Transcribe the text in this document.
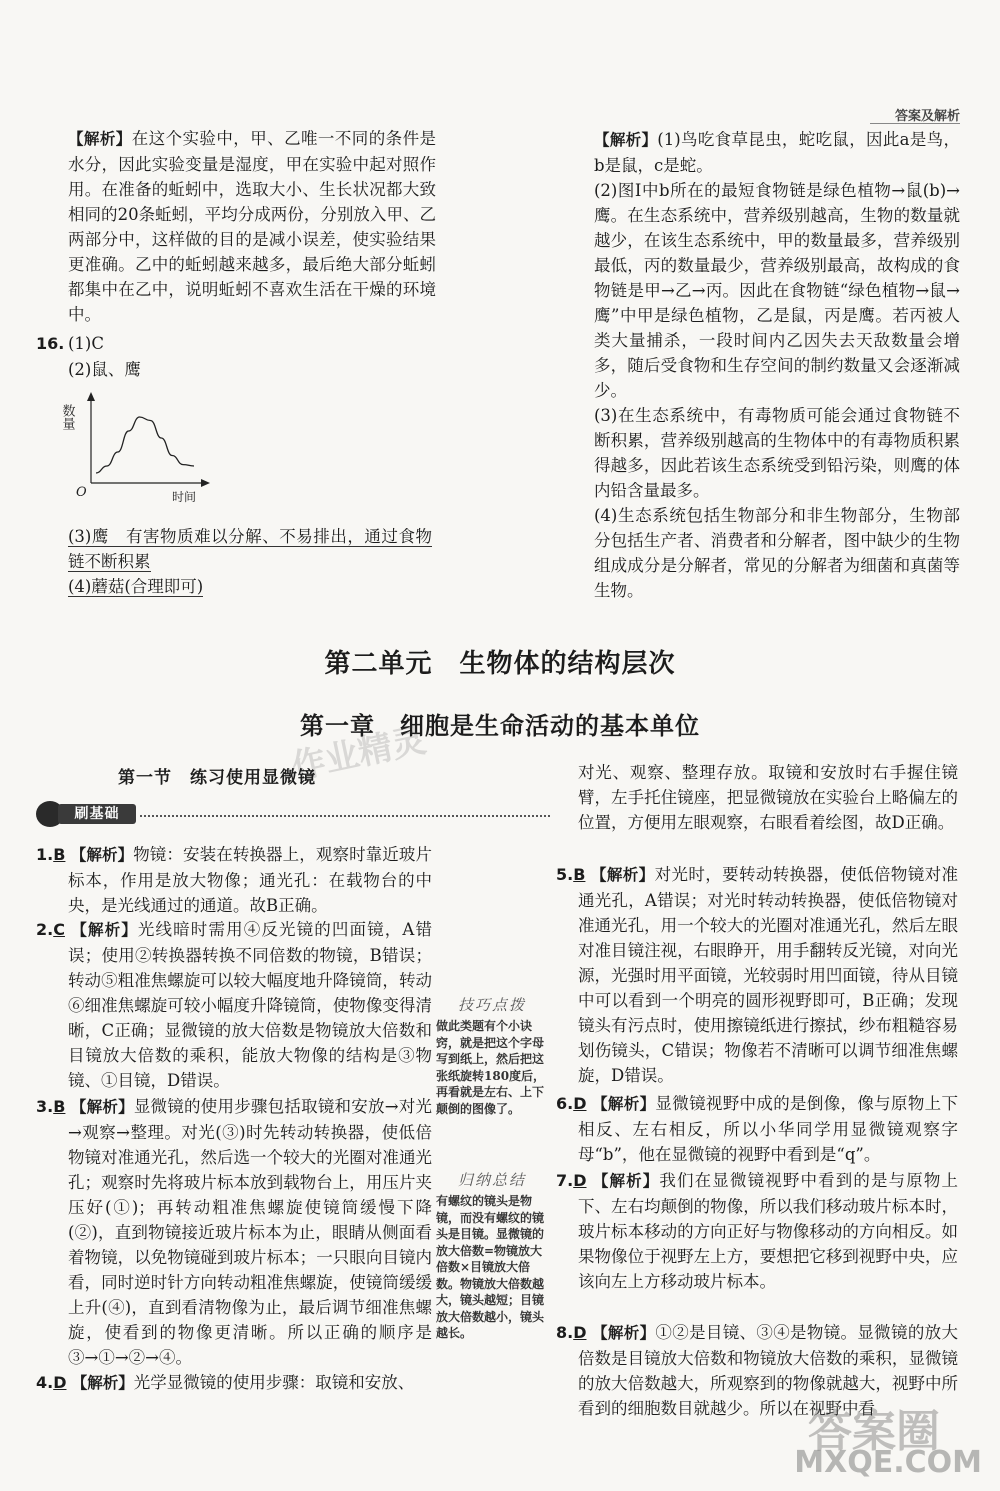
答案及解析
【解析】在这个实验中，甲、乙唯一不同的条件是水分，因此实验变量是湿度，甲在实验中起对照作用。在准备的蚯蚓中，选取大小、生长状况都大致相同的20条蚯蚓，平均分成两份，分别放入甲、乙两部分中，这样做的目的是减小误差，使实验结果更准确。乙中的蚯蚓越来越多，最后绝大部分蚯蚓都集中在乙中，说明蚯蚓不喜欢生活在干燥的环境中。
16. (1)C
(2)鼠、鹰
数量
O	时间
(3)鹰　有害物质难以分解、不易排出，通过食物链不断积累
(4)蘑菇(合理即可)

【解析】(1)鸟吃食草昆虫，蛇吃鼠，因此a是鸟，b是鼠，c是蛇。

(2)图Ⅰ中b所在的最短食物链是绿色植物→鼠(b)→鹰。在生态系统中，营养级别越高，生物的数量就越少，在该生态系统中，甲的数量最多，营养级别最低，丙的数量最少，营养级别最高，故构成的食物链是甲→乙→丙。因此在食物链“绿色植物→鼠→鹰”中甲是绿色植物，乙是鼠，丙是鹰。若丙被人类大量捕杀，一段时间内乙因失去天敌数量会增多，随后受食物和生存空间的制约数量又会逐渐减少。

(3)在生态系统中，有毒物质可能会通过食物链不断积累，营养级别越高的生物体中的有毒物质积累得越多，因此若该生态系统受到铅污染，则鹰的体内铅含量最多。

(4)生态系统包括生物部分和非生物部分，生物部分包括生产者、消费者和分解者，图中缺少的生物组成成分是分解者，常见的分解者为细菌和真菌等生物。

第二单元　生物体的结构层次
第一章　细胞是生命活动的基本单位
作业精灵
第一节　练习使用显微镜
刷基础

1.B 【解析】物镜：安装在转换器上，观察时靠近玻片标本，作用是放大物像；通光孔：在载物台的中央，是光线通过的通道。故B正确。

2.C 【解析】光线暗时需用④反光镜的凹面镜，A错误；使用②转换器转换不同倍数的物镜，B错误；转动⑤粗准焦螺旋可以较大幅度地升降镜筒，转动⑥细准焦螺旋可较小幅度升降镜筒，使物像变得清晰，C正确；显微镜的放大倍数是物镜放大倍数和目镜放大倍数的乘积，能放大物像的结构是③物镜、①目镜，D错误。

3.B 【解析】显微镜的使用步骤包括取镜和安放→对光→观察→整理。对光(③)时先转动转换器，使低倍物镜对准通光孔，然后选一个较大的光圈对准通光孔；观察时先将玻片标本放到载物台上，用压片夹压好(①)；再转动粗准焦螺旋使镜筒缓慢下降(②)，直到物镜接近玻片标本为止，眼睛从侧面看着物镜，以免物镜碰到玻片标本；一只眼向目镜内看，同时逆时针方向转动粗准焦螺旋，使镜筒缓缓上升(④)，直到看清物像为止，最后调节细准焦螺旋，使看到的物像更清晰。所以正确的顺序是③→①→②→④。

4.D 【解析】光学显微镜的使用步骤：取镜和安放、

技巧点拨
做此类题有个小诀窍，就是把这个字母写到纸上，然后把这张纸旋转180度后，再看就是左右、上下颠倒的图像了。
归纳总结
有螺纹的镜头是物镜，而没有螺纹的镜头是目镜。显微镜的放大倍数=物镜放大倍数×目镜放大倍数。物镜放大倍数越大，镜头越短；目镜放大倍数越小，镜头越长。
对光、观察、整理存放。取镜和安放时右手握住镜臂，左手托住镜座，把显微镜放在实验台上略偏左的位置，方便用左眼观察，右眼看着绘图，故D正确。

5.B 【解析】对光时，要转动转换器，使低倍物镜对准通光孔，A错误；对光时转动转换器，使低倍物镜对准通光孔，用一个较大的光圈对准通光孔，然后左眼对准目镜注视，右眼睁开，用手翻转反光镜，对向光源，光强时用平面镜，光较弱时用凹面镜，待从目镜中可以看到一个明亮的圆形视野即可，B正确；发现镜头有污点时，使用擦镜纸进行擦拭，纱布粗糙容易划伤镜头，C错误；物像若不清晰可以调节细准焦螺旋，D错误。

6.D 【解析】显微镜视野中成的是倒像，像与原物上下相反、左右相反，所以小华同学用显微镜观察字母“b”，他在显微镜的视野中看到是“q”。

7.D 【解析】我们在显微镜视野中看到的是与原物上下、左右均颠倒的物像，所以我们移动玻片标本时，玻片标本移动的方向正好与物像移动的方向相反。如果物像位于视野左上方，要想把它移到视野中央，应该向左上方移动玻片标本。

8.D 【解析】①②是目镜、③④是物镜。显微镜的放大倍数是目镜放大倍数和物镜放大倍数的乘积，显微镜的放大倍数越大，所观察到的物像就越大，视野中所看到的细胞数目就越少。所以在视野中看

MXQE.COM
答案圈
